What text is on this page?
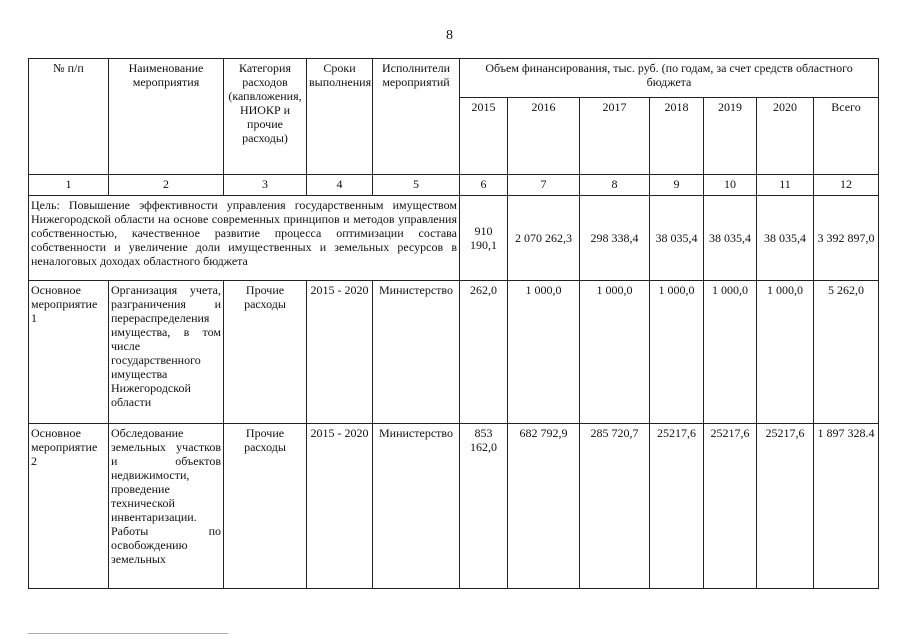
8
№ п/п	Наименование мероприятия	Категория расходов (капвложения, НИОКР и прочие расходы)	Сроки выполнения	Исполнители мероприятий	Объем финансирования, тыс. руб. (по годам, за счет средств областного бюджета						
					2015	2016	2017	2018	2019	2020	Всего
1	2	3	4	5	6	7	8	9	10	11	12
Цель: Повышение эффективности управления государственным имуществом Нижегородской области на основе современных принципов и методов управления собственностью, качественное развитие процесса оптимизации состава собственности и увеличение доли имущественных и земельных ресурсов в неналоговых доходах областного бюджета					910 190,1	2 070 262,3	298 338,4	38 035,4	38 035,4	38 035,4	3 392 897,0
Основное мероприятие 1	Организация учета, разграничения и перераспределения имущества, в том числе государственного имущества Нижегородской области	Прочие расходы	2015 - 2020	Министерство	262,0	1 000,0	1 000,0	1 000,0	1 000,0	1 000,0	5 262,0
Основное мероприятие 2	Обследование земельных участков и объектов недвижимости, проведение технической инвентаризации. Работы по освобождению земельных	Прочие расходы	2015 - 2020	Министерство	853 162,0	682 792,9	285 720,7	25217,6	25217,6	25217,6	1 897 328.4
